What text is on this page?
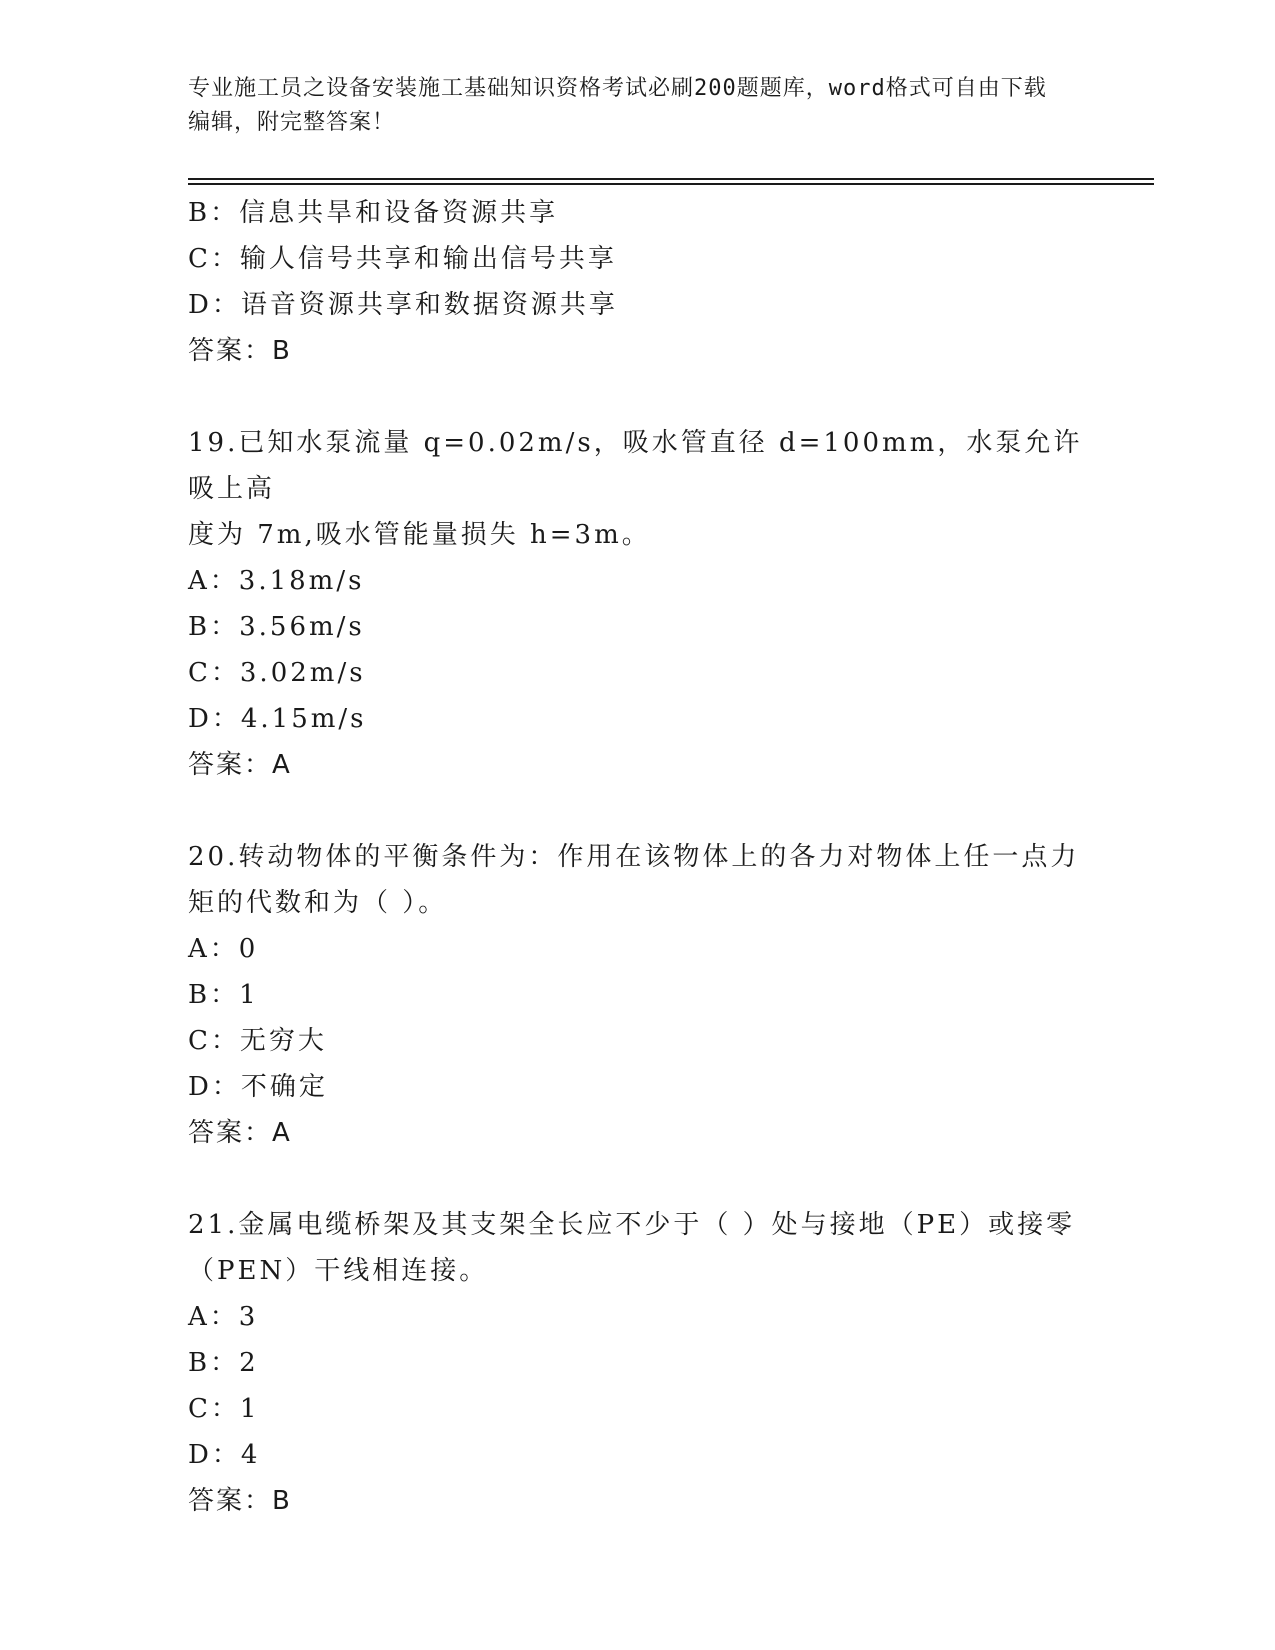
专业施工员之设备安装施工基础知识资格考试必刷200题题库，word格式可自由下载编辑，附完整答案！
B：信息共旱和设备资源共享
C：输人信号共享和输出信号共享
D：语音资源共享和数据资源共享
答案：B
19.已知水泵流量 q=0.02m/s，吸水管直径 d=100mm，水泵允许吸上高
度为 7m,吸水管能量损失 h=3m。
A：3.18m/s
B：3.56m/s
C：3.02m/s
D：4.15m/s
答案：A
20.转动物体的平衡条件为：作用在该物体上的各力对物体上任一点力
矩的代数和为（ ）。
A：0
B：1
C：无穷大
D：不确定
答案：A
21.金属电缆桥架及其支架全长应不少于（ ）处与接地（PE）或接零
（PEN）干线相连接。
A：3
B：2
C：1
D：4
答案：B
